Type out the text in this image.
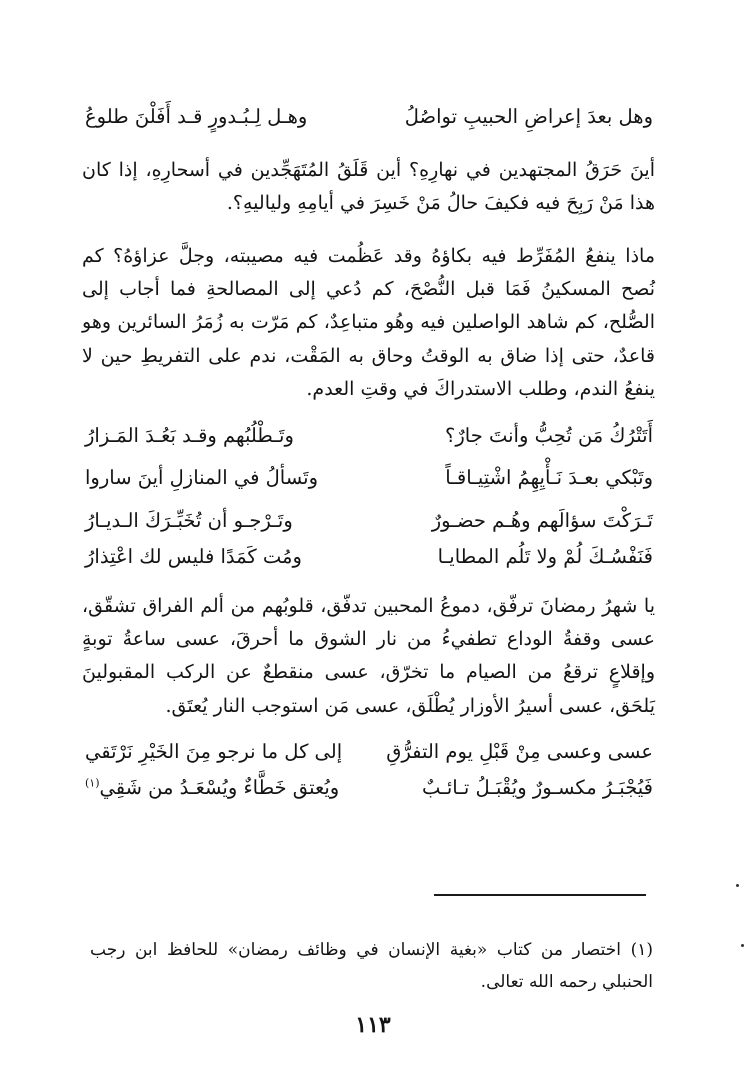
وهل بعدَ إعراضِ الحبيبِ تواصُلُ
وهـل لِـبُـدورٍ قـد أَفَلْنَ طلوعُ
أينَ حَرَقُ المجتهدين في نهارِهِ؟ أين قَلَقُ المُتَهَجِّدين في أسحارِهِ، إذا كان هذا مَنْ رَبِحَ فيه فكيفَ حالُ مَنْ خَسِرَ في أيامِهِ ولياليهِ؟.
ماذا ينفعُ المُفَرِّط فيه بكاؤهُ وقد عَظُمت فيه مصيبته، وجلَّ عزاؤهُ؟ كم نُصح المسكينُ فَمَا قبل النُّصْحَ، كم دُعي إلى المصالحةِ فما أجاب إلى الصُّلح، كم شاهد الواصلين فيه وهُو متباعِدٌ، كم مَرّت به زُمَرُ السائرين وهو قاعدٌ، حتى إذا ضاق به الوقتُ وحاق به المَقْت، ندم على التفريطِ حين لا ينفعُ الندم، وطلب الاستدراكَ في وقتِ العدم.
أَتَتْرُكُ مَن تُحِبُّ وأنتَ جارٌ؟
وتَـطْلُبُهم وقـد بَعُـدَ المَـزارُ
وتَبْكي بعـدَ نَـأْيِهِمُ اشْتِيـاقـاً
وتَسألُ في المنازلِ أينَ ساروا
تَـرَكْتَ سؤالَهم وهُـم حضـورٌ
وتَـرْجـو أن تُخَبِّـرَكَ الـديـارُ
فَنَفْسُـكَ لُمْ ولا تَلُم المطايـا
ومُت كَمَدًا فليس لك اعْتِذارُ
يا شهرُ رمضانَ ترفّق، دموعُ المحبين تدفّق، قلوبُهم من ألم الفراق تشقّق، عسى وقفةُ الوداع تطفيءُ من نار الشوق ما أحرقَ، عسى ساعةُ توبةٍ وإقلاعٍ ترقعُ من الصيام ما تخرّق، عسى منقطعٌ عن الركب المقبولينَ يَلحَق، عسى أسيرُ الأوزار يُطْلَق، عسى مَن استوجب النار يُعتَق.
عسى وعسى مِنْ قَبْلِ يوم التفرُّقِ
إلى كل ما نرجو مِنَ الخَيْرِ نَرْتَقي
فَيُجْبَـرُ مكسـورٌ ويُقْبَـلُ تـائـبٌ
ويُعتق خَطَّاءٌ ويُسْعَـدُ من شَقِي$^{(١)}$
(١) اختصار من كتاب «بغية الإنسان في وظائف رمضان» للحافظ ابن رجب الحنبلي رحمه الله تعالى.
١١٣
